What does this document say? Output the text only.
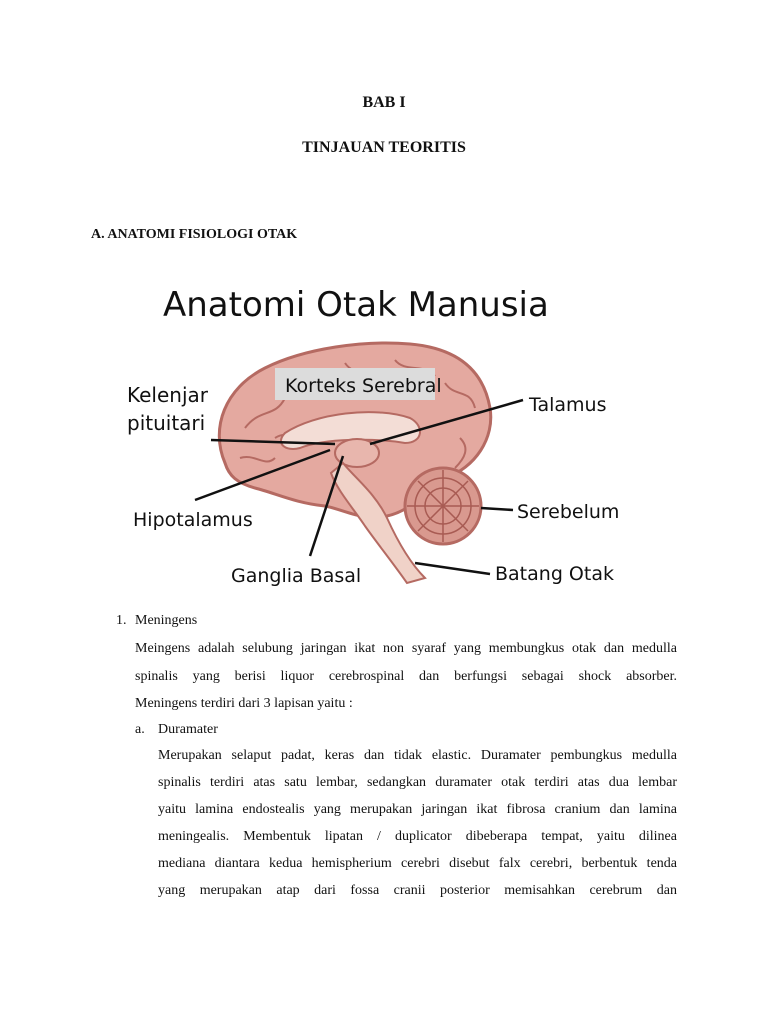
BAB I
TINJAUAN TEORITIS
A. ANATOMI FISIOLOGI OTAK
Anatomi Otak Manusia
Korteks Serebral
Kelenjar
pituitari
Hipotalamus
Ganglia Basal
Talamus
Serebelum
Batang Otak
1. Meningens
Meingens adalah selubung jaringan ikat non syaraf yang membungkus otak dan medulla
spinalis yang berisi liquor cerebrospinal dan berfungsi sebagai shock absorber.
Meningens terdiri dari 3 lapisan yaitu :
a. Duramater
Merupakan selaput padat, keras dan tidak elastic. Duramater pembungkus medulla
spinalis terdiri atas satu lembar, sedangkan duramater otak terdiri atas dua lembar
yaitu lamina endostealis yang merupakan jaringan ikat fibrosa cranium dan lamina
meningealis. Membentuk lipatan / duplicator dibeberapa tempat, yaitu dilinea
mediana diantara kedua hemispherium cerebri disebut falx cerebri, berbentuk tenda
yang merupakan atap dari fossa cranii posterior memisahkan cerebrum dan
